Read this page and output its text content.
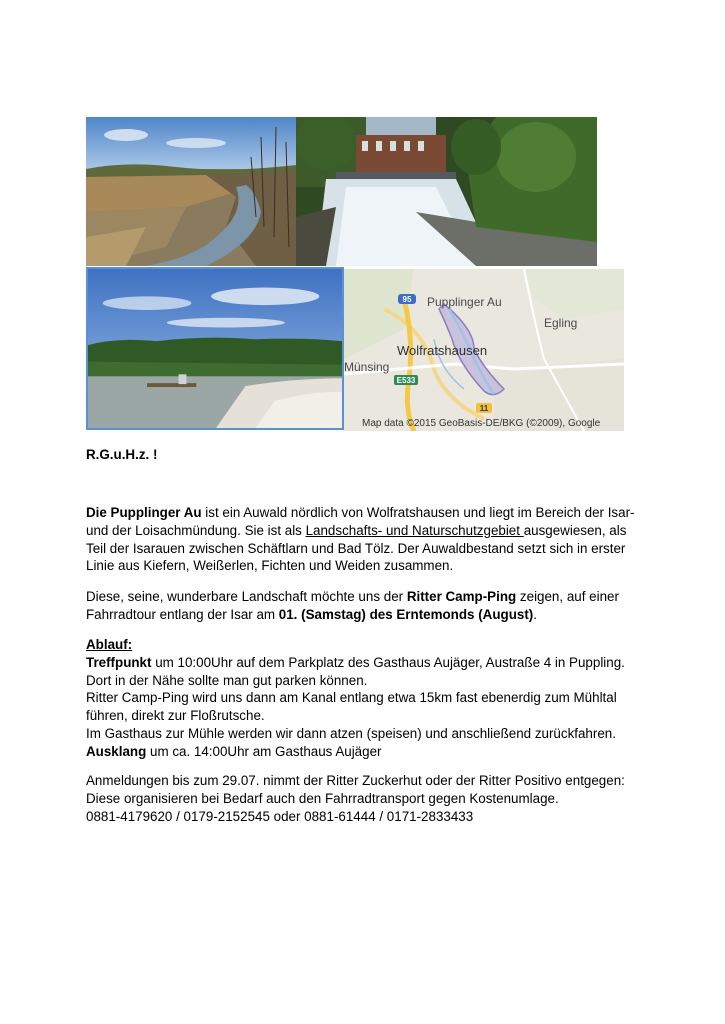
95 Pupplinger Au
Egling
Wolfratshausen
Münsing
E533
11
Map data ©2015 GeoBasis-DE/BKG (©2009), Google
R.G.u.H.z. !

Die Pupplinger Au ist ein Auwald nördlich von Wolfratshausen und liegt im Bereich der Isar- und der Loisachmündung. Sie ist als Landschafts- und Naturschutzgebiet ausgewiesen, als Teil der Isarauen zwischen Schäftlarn und Bad Tölz. Der Auwaldbestand setzt sich in erster Linie aus Kiefern, Weißerlen, Fichten und Weiden zusammen.

Diese, seine, wunderbare Landschaft möchte uns der Ritter Camp-Ping zeigen, auf einer Fahrradtour entlang der Isar am 01. (Samstag) des Erntemonds (August).

Ablauf:

Treffpunkt um 10:00Uhr auf dem Parkplatz des Gasthaus Aujäger, Austraße 4 in Puppling.

Dort in der Nähe sollte man gut parken können.

Ritter Camp-Ping wird uns dann am Kanal entlang etwa 15km fast ebenerdig zum Mühltal führen, direkt zur Floßrutsche.

Im Gasthaus zur Mühle werden wir dann atzen (speisen) und anschließend zurückfahren.

Ausklang um ca. 14:00Uhr am Gasthaus Aujäger

Anmeldungen bis zum 29.07. nimmt der Ritter Zuckerhut oder der Ritter Positivo entgegen:

Diese organisieren bei Bedarf auch den Fahrradtransport gegen Kostenumlage.

0881-4179620 / 0179-2152545 oder 0881-61444 / 0171-2833433
